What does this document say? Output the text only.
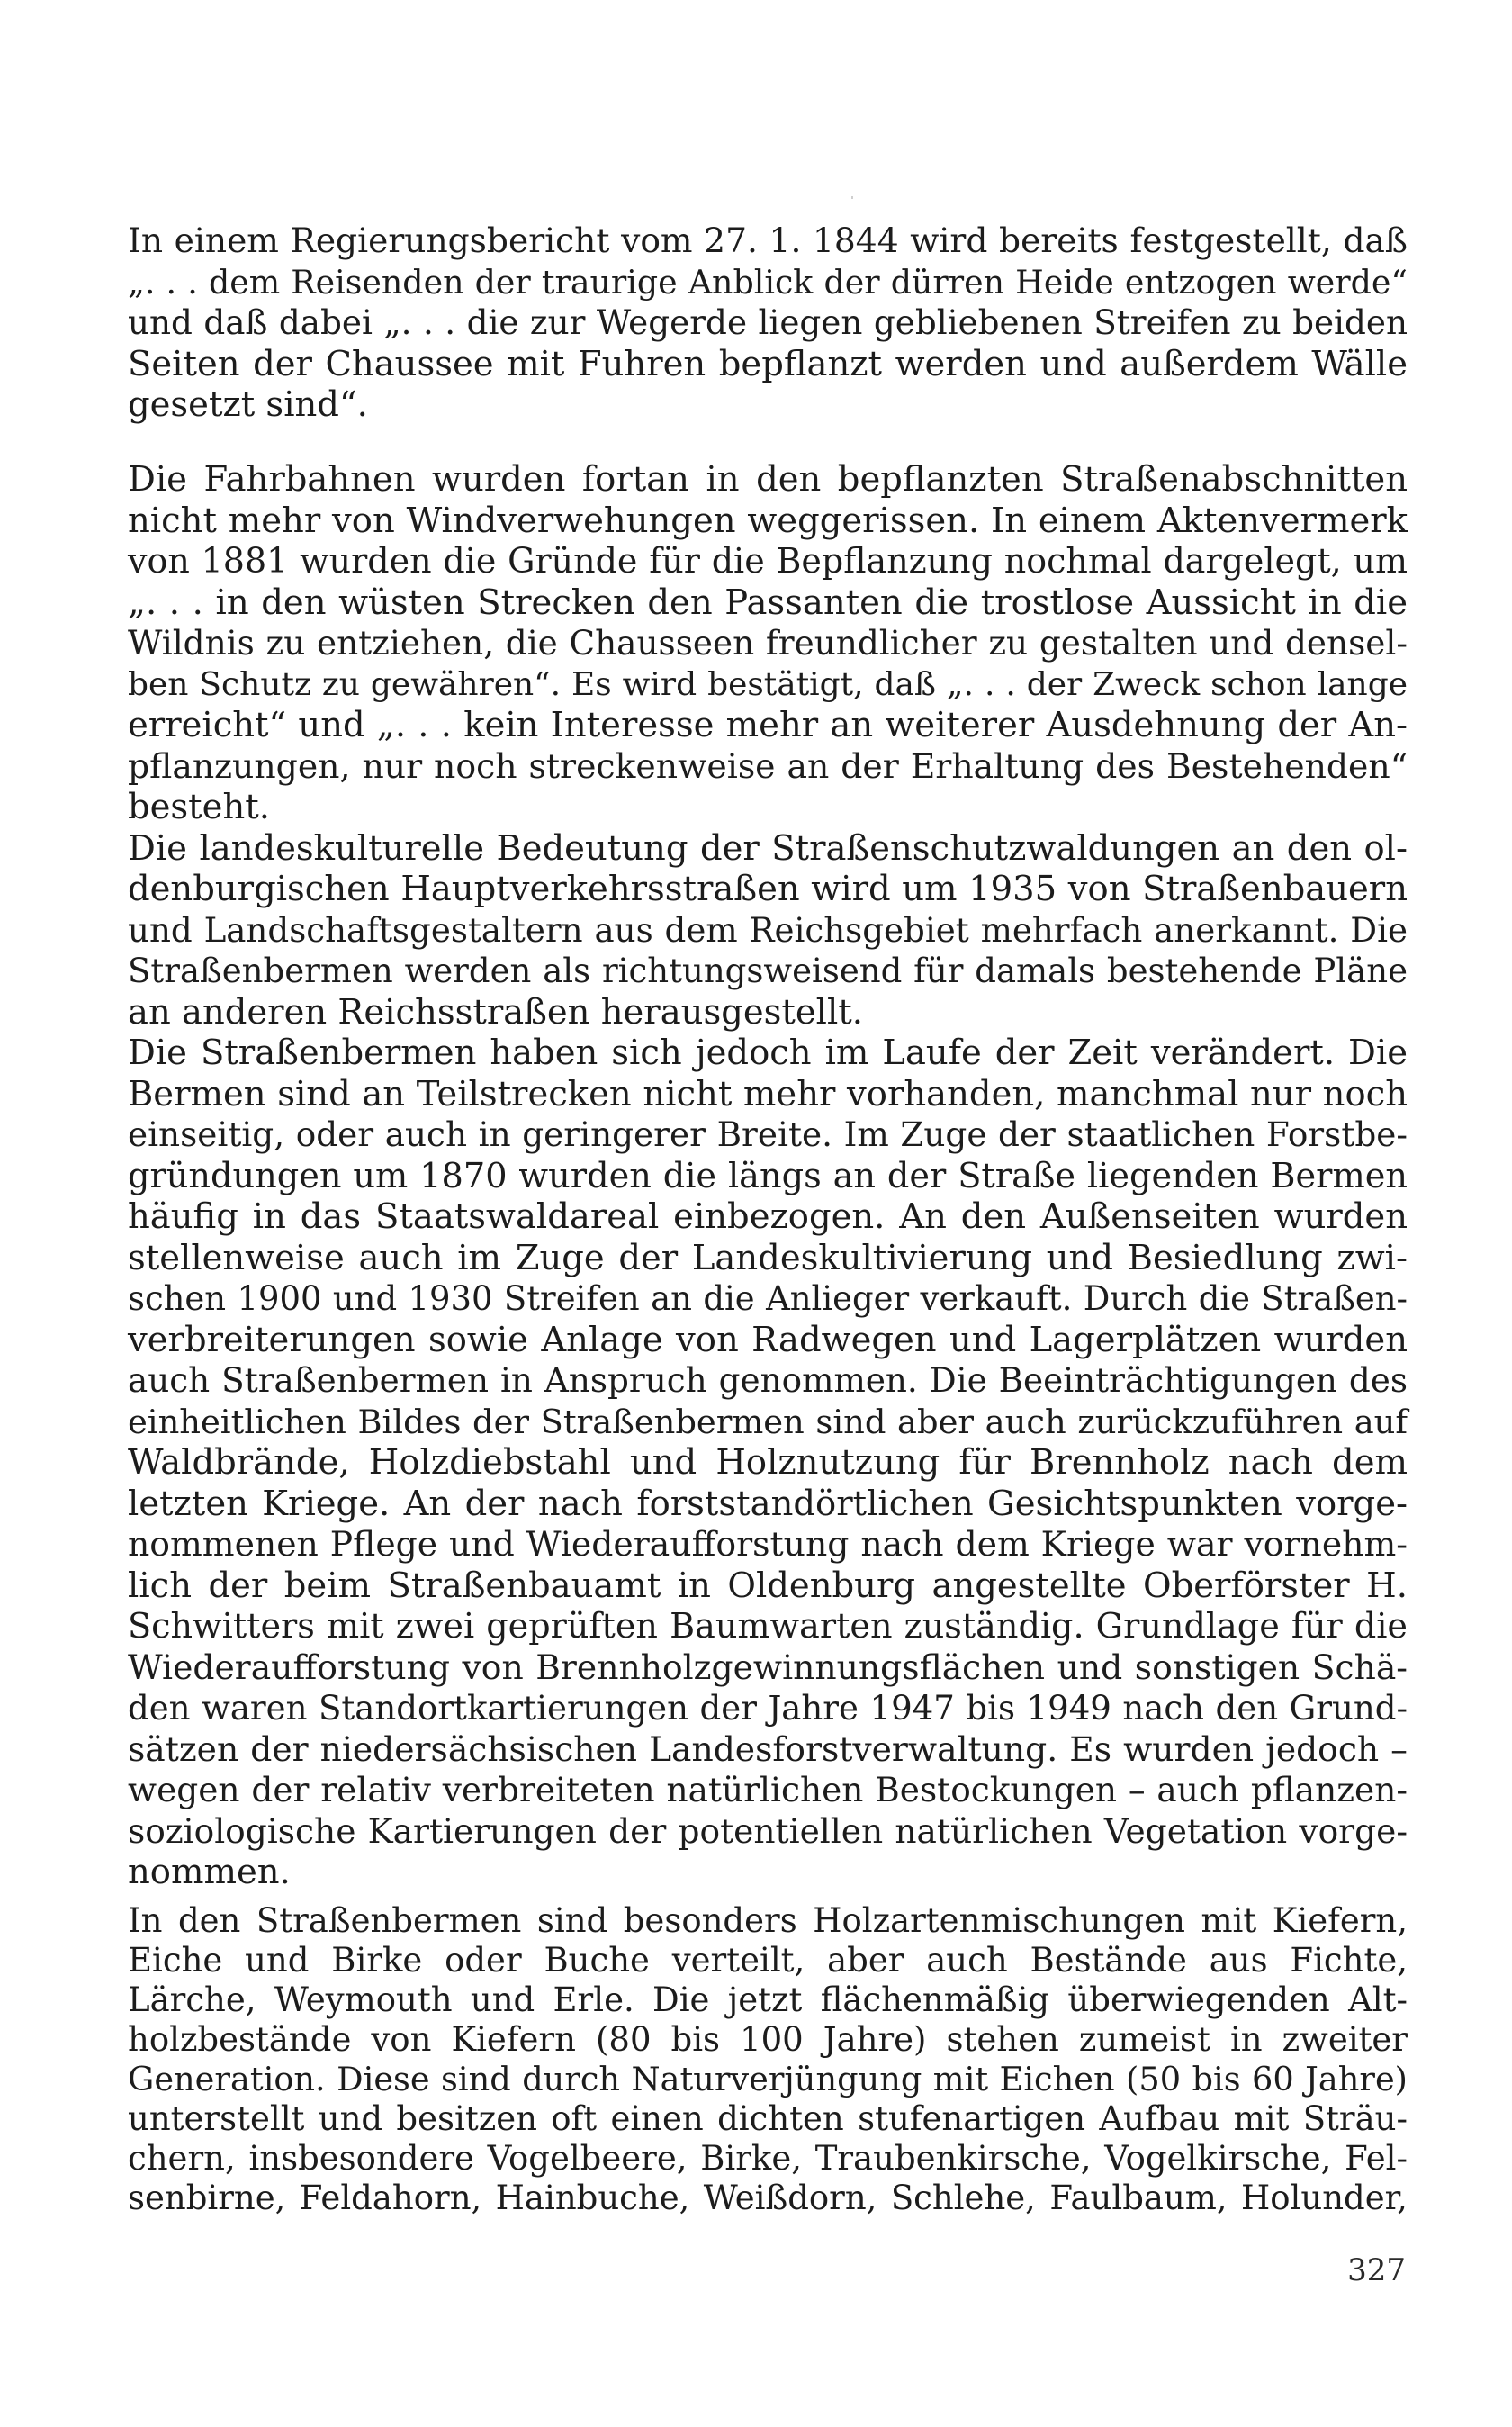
In einem Regierungsbericht vom 27. 1. 1844 wird bereits festgestellt, daß
„. . . dem Reisenden der traurige Anblick der dürren Heide entzogen werde“
und daß dabei „. . . die zur Wegerde liegen gebliebenen Streifen zu beiden
Seiten der Chaussee mit Fuhren bepflanzt werden und außerdem Wälle
gesetzt sind“.
Die Fahrbahnen wurden fortan in den bepflanzten Straßenabschnitten
nicht mehr von Windverwehungen weggerissen. In einem Aktenvermerk
von 1881 wurden die Gründe für die Bepflanzung nochmal dargelegt, um
„. . . in den wüsten Strecken den Passanten die trostlose Aussicht in die
Wildnis zu entziehen, die Chausseen freundlicher zu gestalten und densel-
ben Schutz zu gewähren“. Es wird bestätigt, daß „. . . der Zweck schon lange
erreicht“ und „. . . kein Interesse mehr an weiterer Ausdehnung der An-
pflanzungen, nur noch streckenweise an der Erhaltung des Bestehenden“
besteht.
Die landeskulturelle Bedeutung der Straßenschutzwaldungen an den ol-
denburgischen Hauptverkehrsstraßen wird um 1935 von Straßenbauern
und Landschaftsgestaltern aus dem Reichsgebiet mehrfach anerkannt. Die
Straßenbermen werden als richtungsweisend für damals bestehende Pläne
an anderen Reichsstraßen herausgestellt.
Die Straßenbermen haben sich jedoch im Laufe der Zeit verändert. Die
Bermen sind an Teilstrecken nicht mehr vorhanden, manchmal nur noch
einseitig, oder auch in geringerer Breite. Im Zuge der staatlichen Forstbe-
gründungen um 1870 wurden die längs an der Straße liegenden Bermen
häufig in das Staatswaldareal einbezogen. An den Außenseiten wurden
stellenweise auch im Zuge der Landeskultivierung und Besiedlung zwi-
schen 1900 und 1930 Streifen an die Anlieger verkauft. Durch die Straßen-
verbreiterungen sowie Anlage von Radwegen und Lagerplätzen wurden
auch Straßenbermen in Anspruch genommen. Die Beeinträchtigungen des
einheitlichen Bildes der Straßenbermen sind aber auch zurückzuführen auf
Waldbrände, Holzdiebstahl und Holznutzung für Brennholz nach dem
letzten Kriege. An der nach forststandörtlichen Gesichtspunkten vorge-
nommenen Pflege und Wiederaufforstung nach dem Kriege war vornehm-
lich der beim Straßenbauamt in Oldenburg angestellte Oberförster H.
Schwitters mit zwei geprüften Baumwarten zuständig. Grundlage für die
Wiederaufforstung von Brennholzgewinnungsflächen und sonstigen Schä-
den waren Standortkartierungen der Jahre 1947 bis 1949 nach den Grund-
sätzen der niedersächsischen Landesforstverwaltung. Es wurden jedoch –
wegen der relativ verbreiteten natürlichen Bestockungen – auch pflanzen-
soziologische Kartierungen der potentiellen natürlichen Vegetation vorge-
nommen.
In den Straßenbermen sind besonders Holzartenmischungen mit Kiefern,
Eiche und Birke oder Buche verteilt, aber auch Bestände aus Fichte,
Lärche, Weymouth und Erle. Die jetzt flächenmäßig überwiegenden Alt-
holzbestände von Kiefern (80 bis 100 Jahre) stehen zumeist in zweiter
Generation. Diese sind durch Naturverjüngung mit Eichen (50 bis 60 Jahre)
unterstellt und besitzen oft einen dichten stufenartigen Aufbau mit Sträu-
chern, insbesondere Vogelbeere, Birke, Traubenkirsche, Vogelkirsche, Fel-
senbirne, Feldahorn, Hainbuche, Weißdorn, Schlehe, Faulbaum, Holunder,
327
